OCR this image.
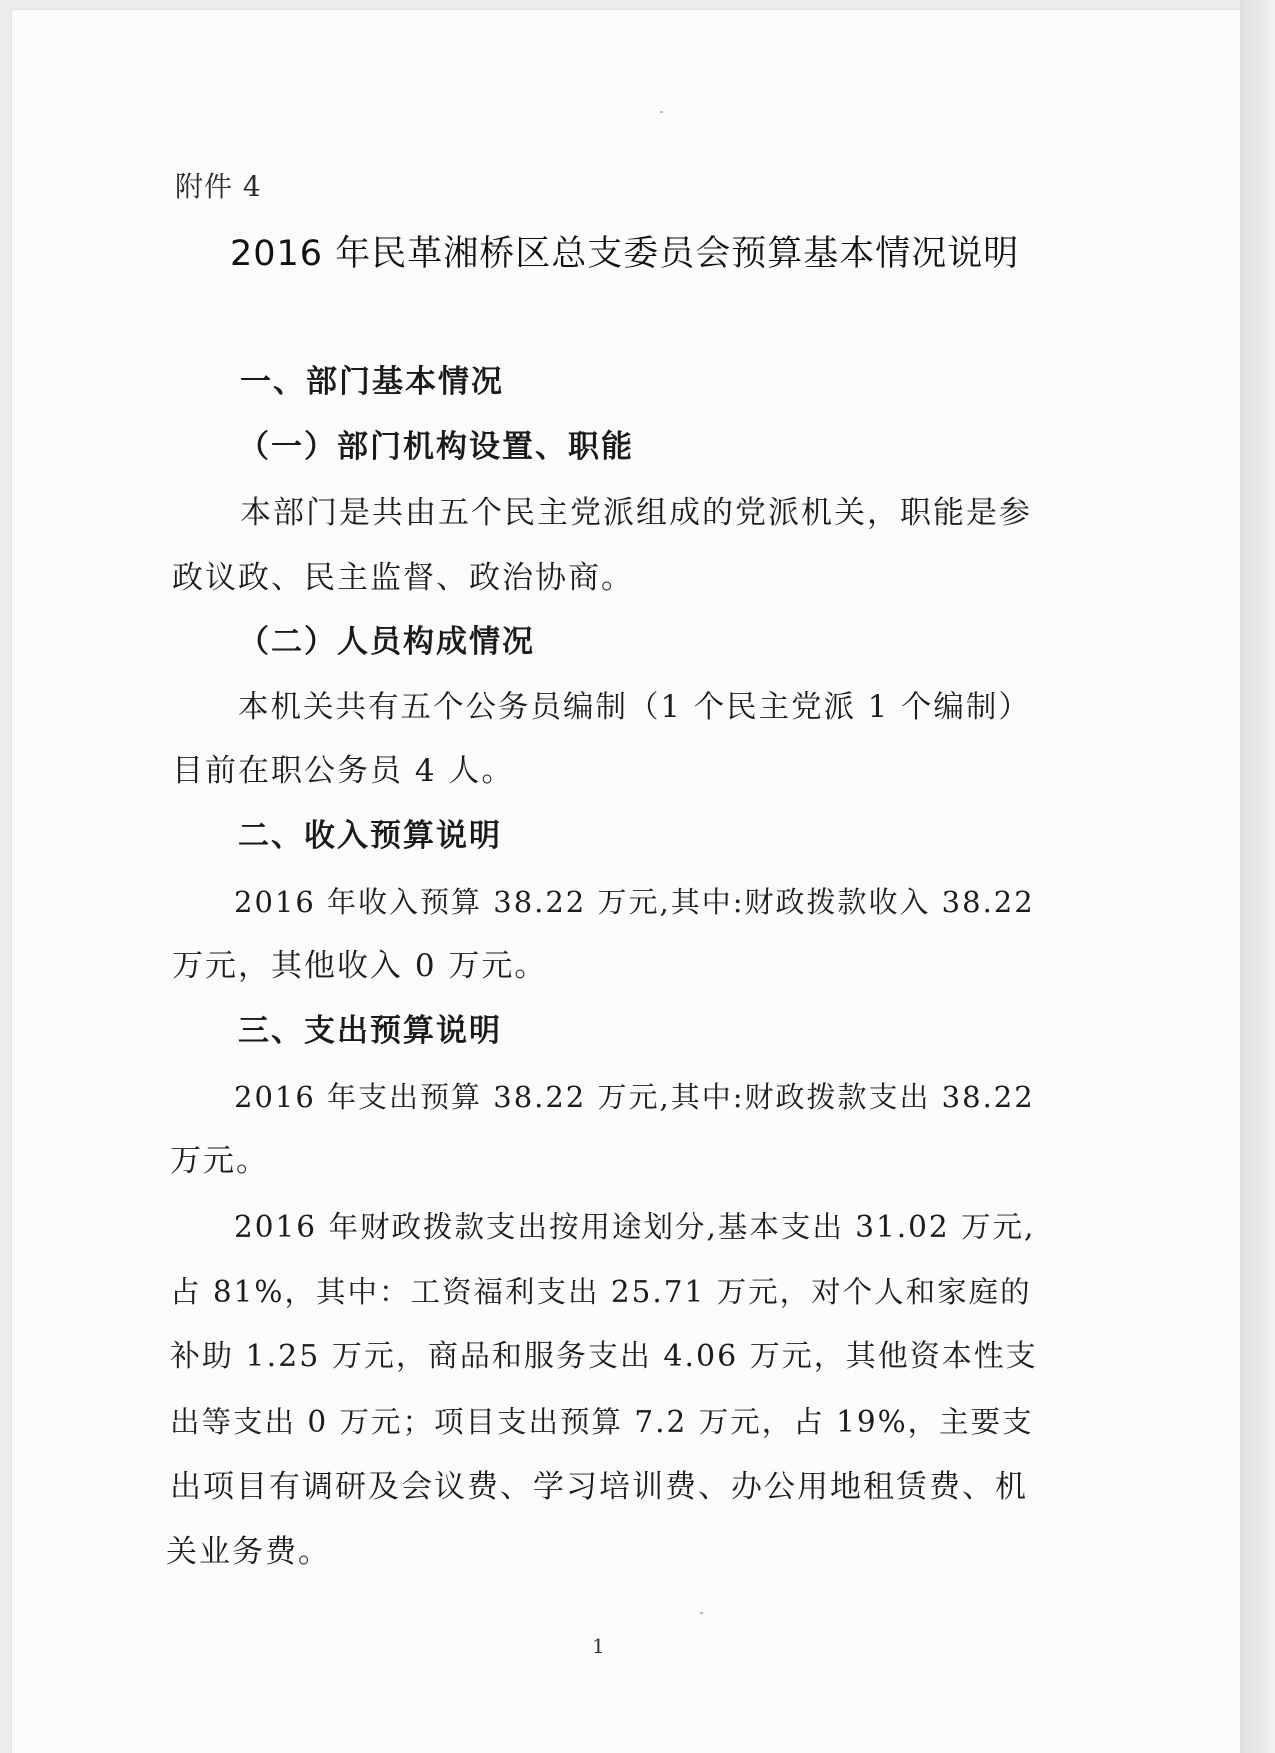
附件 4
2016 年民革湘桥区总支委员会预算基本情况说明
一、部门基本情况
（一）部门机构设置、职能
本部门是共由五个民主党派组成的党派机关，职能是参
政议政、民主监督、政治协商。
（二）人员构成情况
本机关共有五个公务员编制（1 个民主党派 1 个编制）
目前在职公务员 4 人。
二、收入预算说明
2016 年收入预算 38.22 万元,其中:财政拨款收入 38.22
万元，其他收入 0 万元。
三、支出预算说明
2016 年支出预算 38.22 万元,其中:财政拨款支出 38.22
万元。
2016 年财政拨款支出按用途划分,基本支出 31.02 万元,
占 81%，其中：工资福利支出 25.71 万元，对个人和家庭的
补助 1.25 万元，商品和服务支出 4.06 万元，其他资本性支
出等支出 0 万元；项目支出预算 7.2 万元，占 19%，主要支
出项目有调研及会议费、学习培训费、办公用地租赁费、机
关业务费。
1
